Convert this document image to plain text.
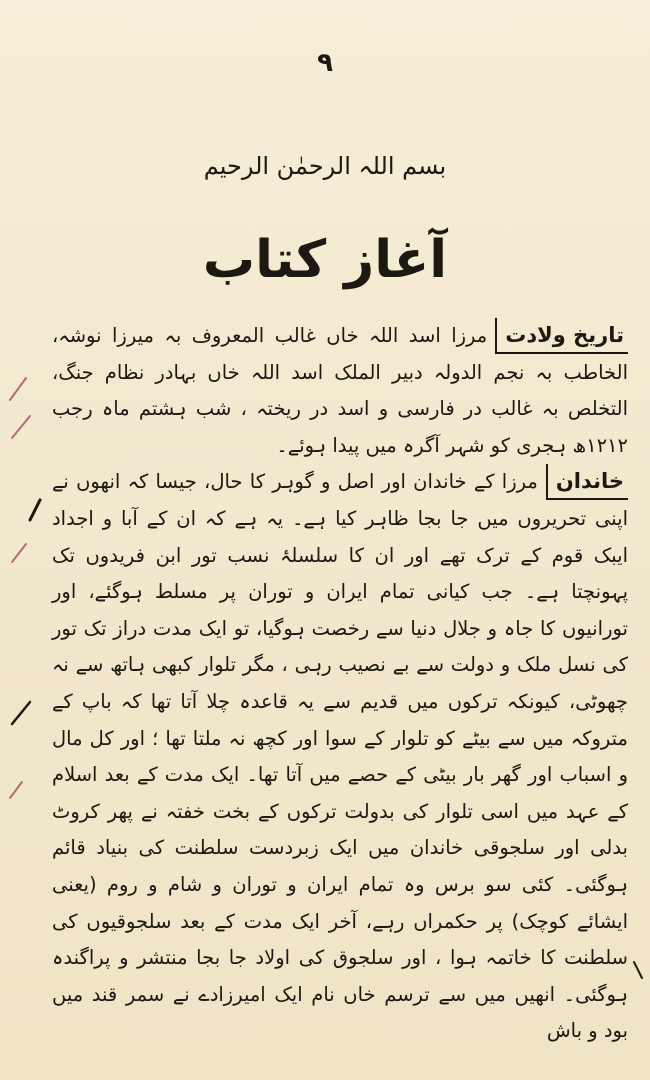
۹
بسم اللہ الرحمٰن الرحیم
آغاز کتاب

تاریخ ولادت
مرزا اسد اللہ خاں غالب المعروف بہ میرزا نوشہ، الخاطب بہ نجم الدولہ دبیر الملک اسد اللہ خاں بہادر نظام جنگ، التخلص بہ غالب در فارسی و اسد در ریختہ ، شب ہشتم ماہ رجب ۱۲۱۲ھ ہجری کو شہر آگرہ میں پیدا ہوئے۔

خاندان
مرزا کے خاندان اور اصل و گوہر کا حال، جیسا کہ انھوں نے اپنی تحریروں میں جا بجا ظاہر کیا ہے۔ یہ ہے کہ ان کے آبا و اجداد ایبک قوم کے ترک تھے اور ان کا سلسلۂ نسب تور ابن فریدوں تک پہونچتا ہے۔ جب کیانی تمام ایران و توران پر مسلط ہوگئے، اور تورانیوں کا جاہ و جلال دنیا سے رخصت ہوگیا، تو ایک مدت دراز تک تور کی نسل ملک و دولت سے بے نصیب رہی ، مگر تلوار کبھی ہاتھ سے نہ چھوٹی، کیونکہ ترکوں میں قدیم سے یہ قاعدہ چلا آتا تھا کہ باپ کے متروکہ میں سے بیٹے کو تلوار کے سوا اور کچھ نہ ملتا تھا ؛ اور کل مال و اسباب اور گھر بار بیٹی کے حصے میں آتا تھا۔ ایک مدت کے بعد اسلام کے عہد میں اسی تلوار کی بدولت ترکوں کے بخت خفتہ نے پھر کروٹ بدلی اور سلجوقی خاندان میں ایک زبردست سلطنت کی بنیاد قائم ہوگئی۔ کئی سو برس وہ تمام ایران و توران و شام و روم (یعنی ایشائے کوچک) پر حکمراں رہے، آخر ایک مدت کے بعد سلجوقیوں کی سلطنت کا خاتمہ ہوا ، اور سلجوق کی اولاد جا بجا منتشر و پراگندہ ہوگئی۔ انھیں میں سے ترسم خاں نام ایک امیرزادے نے سمر قند میں بود و باش
